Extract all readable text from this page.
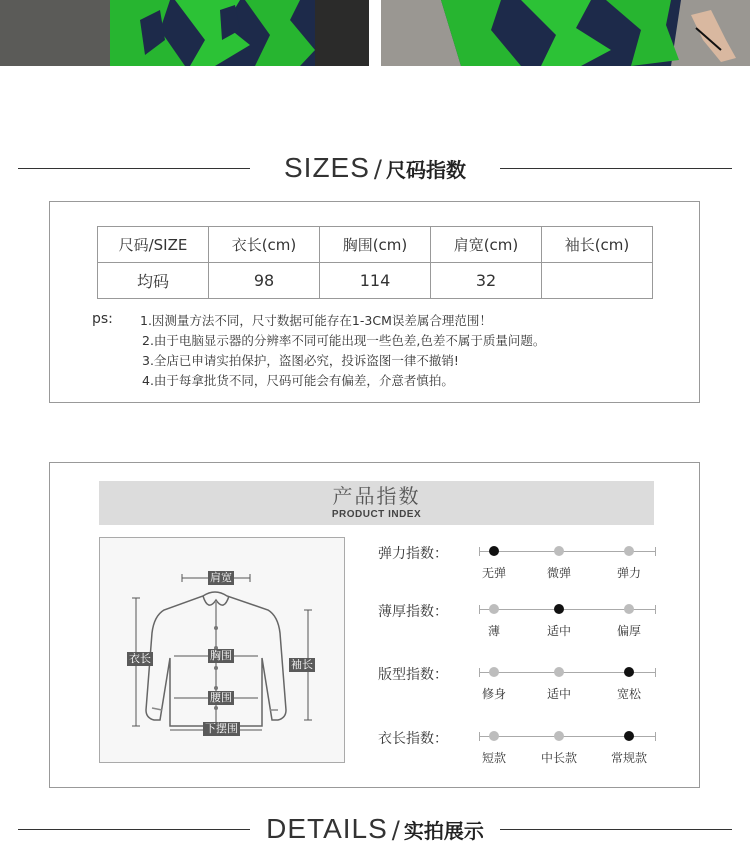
SIZES / 尺码指数
尺码/SIZE	衣长(cm)	胸围(cm)	肩宽(cm)	袖长(cm)
均码	98	114	32	
ps: 1.因测量方法不同，尺寸数据可能存在1-3CM误差属合理范围！
2.由于电脑显示器的分辨率不同可能出现一些色差,色差不属于质量问题。
3.全店已申请实拍保护，盗图必究，投诉盗图一律不撤销!
4.由于每拿批货不同，尺码可能会有偏差，介意者慎拍。
产品指数
PRODUCT INDEX
肩宽
衣长	胸围
袖长
腰围
下摆围
弹力指数：
无弹	微弹	弹力
薄厚指数：
薄	适中	偏厚
版型指数：
修身	适中	宽松
衣长指数：
短款	中长款	常规款
DETAILS / 实拍展示
